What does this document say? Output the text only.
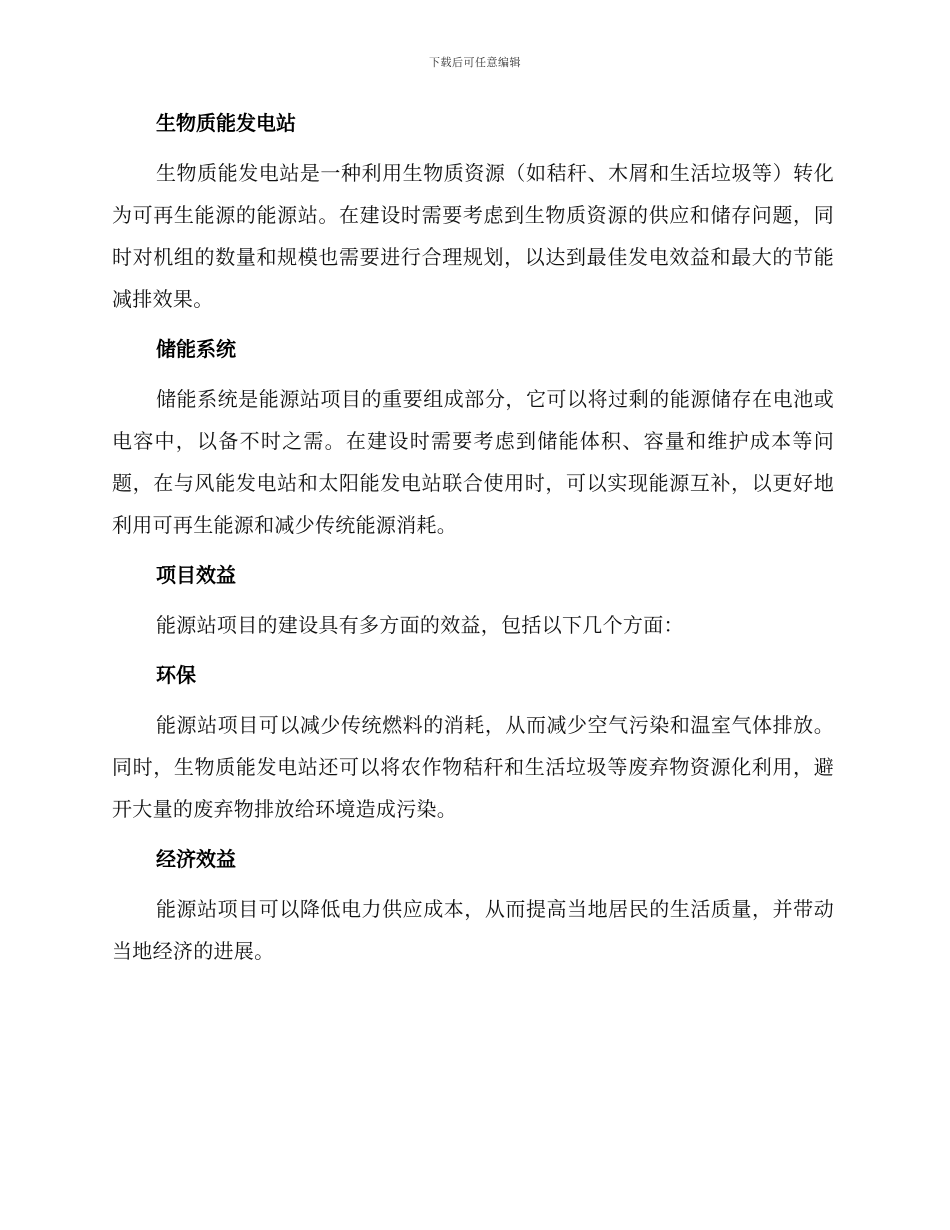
下载后可任意编辑
生物质能发电站

生物质能发电站是一种利用生物质资源（如秸秆、木屑和生活垃圾等）转化为可再生能源的能源站。在建设时需要考虑到生物质资源的供应和储存问题，同时对机组的数量和规模也需要进行合理规划，以达到最佳发电效益和最大的节能减排效果。

储能系统

储能系统是能源站项目的重要组成部分，它可以将过剩的能源储存在电池或电容中，以备不时之需。在建设时需要考虑到储能体积、容量和维护成本等问题，在与风能发电站和太阳能发电站联合使用时，可以实现能源互补，以更好地利用可再生能源和减少传统能源消耗。

项目效益

能源站项目的建设具有多方面的效益，包括以下几个方面：

环保

能源站项目可以减少传统燃料的消耗，从而减少空气污染和温室气体排放。同时，生物质能发电站还可以将农作物秸秆和生活垃圾等废弃物资源化利用，避开大量的废弃物排放给环境造成污染。

经济效益

能源站项目可以降低电力供应成本，从而提高当地居民的生活质量，并带动当地经济的进展。
